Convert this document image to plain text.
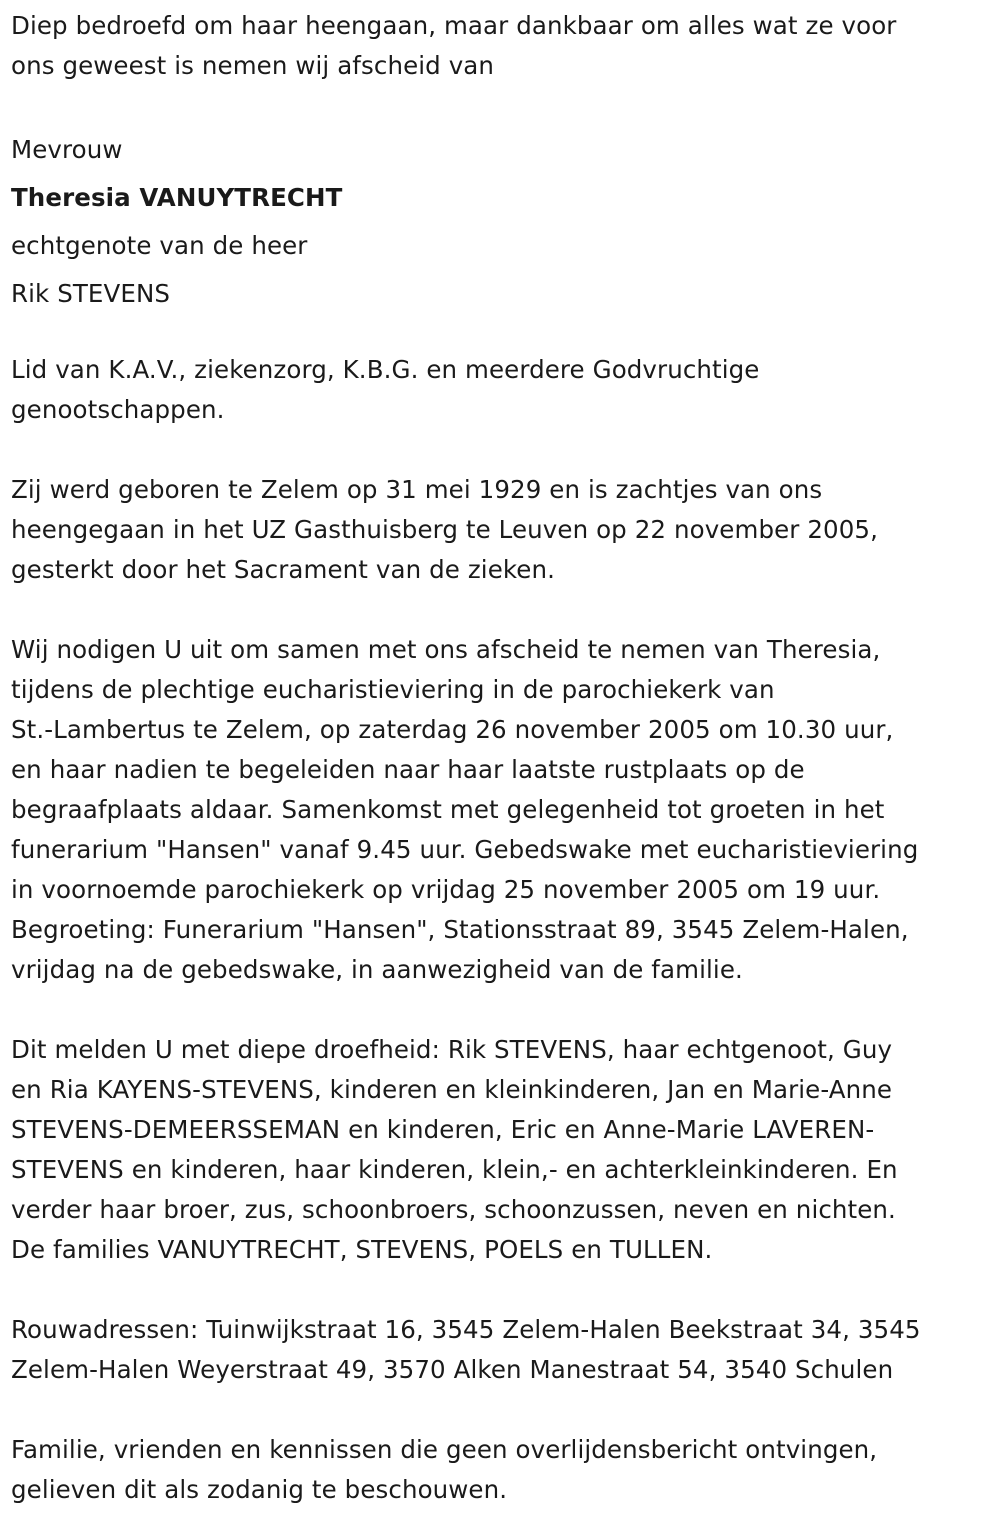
Diep bedroefd om haar heengaan, maar dankbaar om alles wat ze voor
ons geweest is nemen wij afscheid van
Mevrouw
Theresia VANUYTRECHT
echtgenote van de heer
Rik STEVENS
Lid van K.A.V., ziekenzorg, K.B.G. en meerdere Godvruchtige
genootschappen.
Zij werd geboren te Zelem op 31 mei 1929 en is zachtjes van ons
heengegaan in het UZ Gasthuisberg te Leuven op 22 november 2005,
gesterkt door het Sacrament van de zieken.
Wij nodigen U uit om samen met ons afscheid te nemen van Theresia,
tijdens de plechtige eucharistieviering in de parochiekerk van
St.-Lambertus te Zelem, op zaterdag 26 november 2005 om 10.30 uur,
en haar nadien te begeleiden naar haar laatste rustplaats op de
begraafplaats aldaar. Samenkomst met gelegenheid tot groeten in het
funerarium "Hansen" vanaf 9.45 uur. Gebedswake met eucharistieviering
in voornoemde parochiekerk op vrijdag 25 november 2005 om 19 uur.
Begroeting: Funerarium "Hansen", Stationsstraat 89, 3545 Zelem-Halen,
vrijdag na de gebedswake, in aanwezigheid van de familie.
Dit melden U met diepe droefheid: Rik STEVENS, haar echtgenoot, Guy
en Ria KAYENS-STEVENS, kinderen en kleinkinderen, Jan en Marie-Anne
STEVENS-DEMEERSSEMAN en kinderen, Eric en Anne-Marie LAVEREN-
STEVENS en kinderen, haar kinderen, klein,- en achterkleinkinderen. En
verder haar broer, zus, schoonbroers, schoonzussen, neven en nichten.
De families VANUYTRECHT, STEVENS, POELS en TULLEN.
Rouwadressen: Tuinwijkstraat 16, 3545 Zelem-Halen Beekstraat 34, 3545
Zelem-Halen Weyerstraat 49, 3570 Alken Manestraat 54, 3540 Schulen
Familie, vrienden en kennissen die geen overlijdensbericht ontvingen,
gelieven dit als zodanig te beschouwen.
